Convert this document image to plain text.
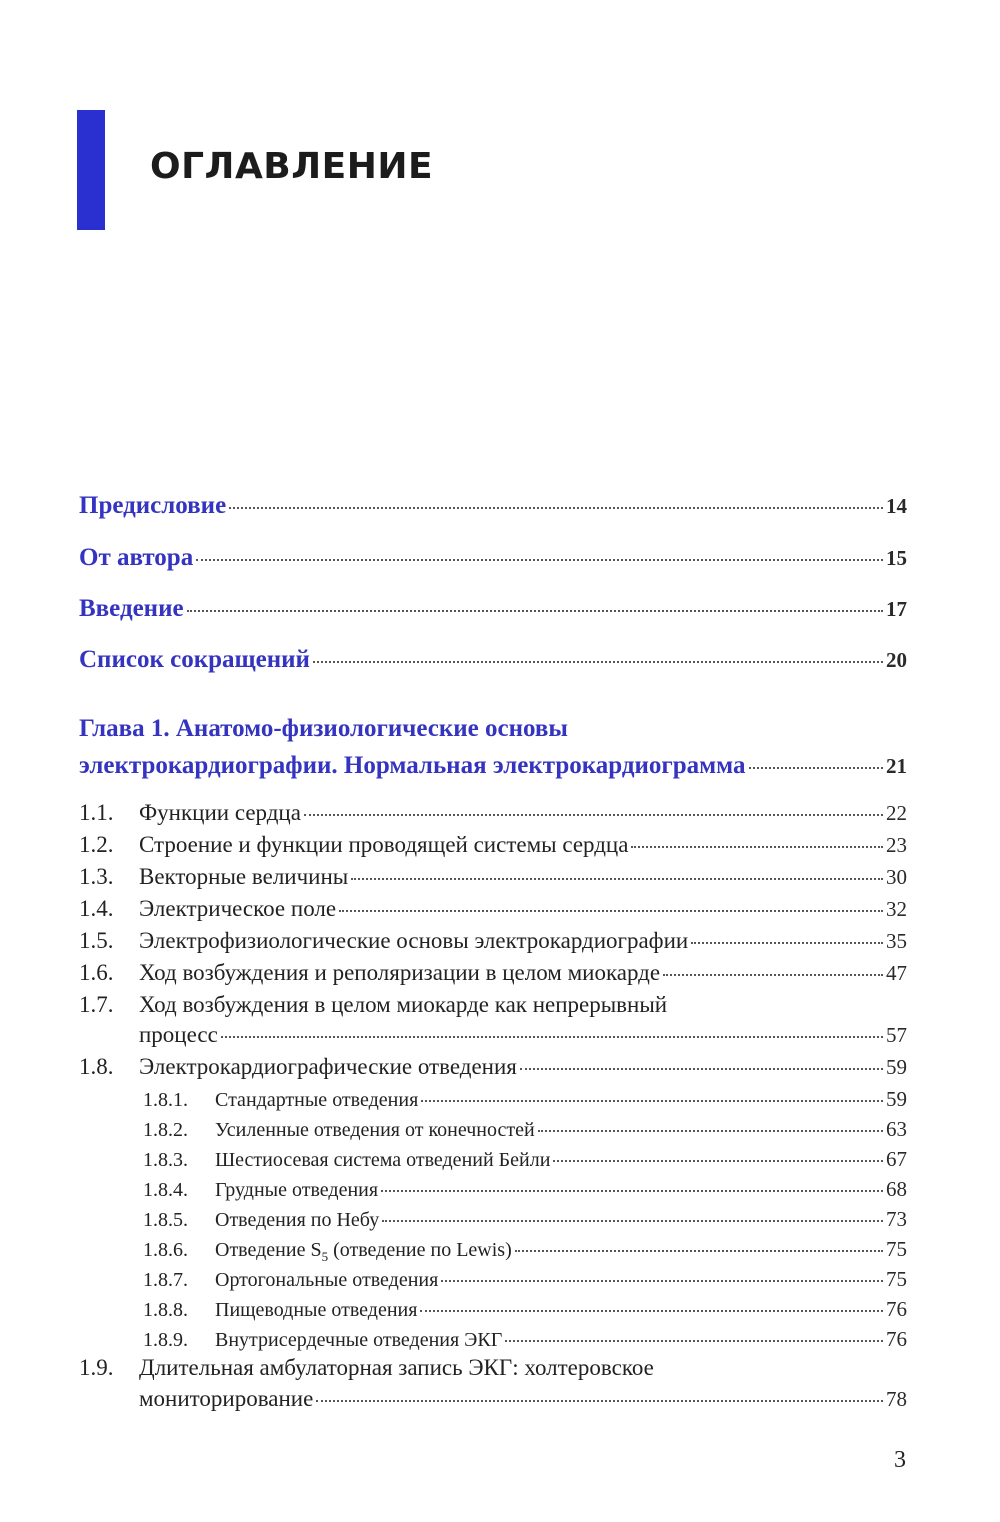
ОГЛАВЛЕНИЕ
Предисловие	14
От автора	15
Введение	17
Список сокращений	20
Глава 1. Анатомо-физиологические основы
электрокардиографии. Нормальная электрокардиограмма	21
1.1.	Функции сердца	22
1.2.	Строение и функции проводящей системы сердца	23
1.3.	Векторные величины	30
1.4.	Электрическое поле	32
1.5.	Электрофизиологические основы электрокардиографии	35
1.6.	Ход возбуждения и реполяризации в целом миокарде	47
1.7.	Ход возбуждения в целом миокарде как непрерывный
процесс	57
1.8.	Электрокардиографические отведения	59
1.8.1.	Стандартные отведения	59
1.8.2.	Усиленные отведения от конечностей	63
1.8.3.	Шестиосевая система отведений Бейли	67
1.8.4.	Грудные отведения	68
1.8.5.	Отведения по Небу	73
1.8.6.	Отведение $S_5$ (отведение по Lewis)	75
1.8.7.	Ортогональные отведения	75
1.8.8.	Пищеводные отведения	76
1.8.9.	Внутрисердечные отведения ЭКГ	76
1.9.	Длительная амбулаторная запись ЭКГ: холтеровское
мониторирование	78
3
